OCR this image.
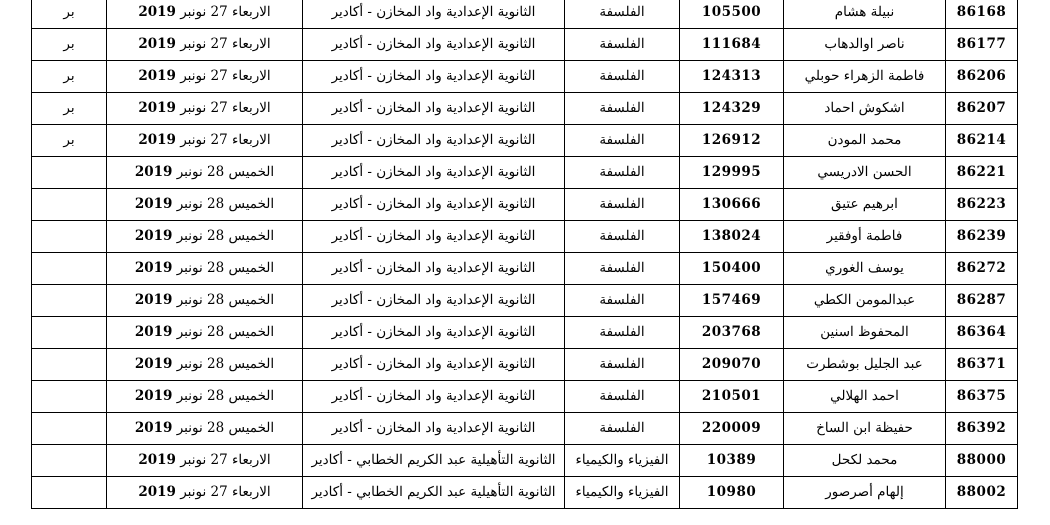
بر	2019 الاربعاء 27 نونبر	الثانوية الإعدادية واد المخازن - أكادير	الفلسفة	105500	نبيلة هشام	86168
بر	2019 الاربعاء 27 نونبر	الثانوية الإعدادية واد المخازن - أكادير	الفلسفة	111684	ناصر اوالدهاب	86177
بر	2019 الاربعاء 27 نونبر	الثانوية الإعدادية واد المخازن - أكادير	الفلسفة	124313	فاطمة الزهراء حوبلي	86206
بر	2019 الاربعاء 27 نونبر	الثانوية الإعدادية واد المخازن - أكادير	الفلسفة	124329	اشكوش احماد	86207
بر	2019 الاربعاء 27 نونبر	الثانوية الإعدادية واد المخازن - أكادير	الفلسفة	126912	محمد المودن	86214
	2019 الخميس 28 نونبر	الثانوية الإعدادية واد المخازن - أكادير	الفلسفة	129995	الحسن الادريسي	86221
	2019 الخميس 28 نونبر	الثانوية الإعدادية واد المخازن - أكادير	الفلسفة	130666	ابرهيم عتيق	86223
	2019 الخميس 28 نونبر	الثانوية الإعدادية واد المخازن - أكادير	الفلسفة	138024	فاطمة أوفقير	86239
	2019 الخميس 28 نونبر	الثانوية الإعدادية واد المخازن - أكادير	الفلسفة	150400	يوسف الغوري	86272
	2019 الخميس 28 نونبر	الثانوية الإعدادية واد المخازن - أكادير	الفلسفة	157469	عبدالمومن الكطي	86287
	2019 الخميس 28 نونبر	الثانوية الإعدادية واد المخازن - أكادير	الفلسفة	203768	المحفوظ اسنين	86364
	2019 الخميس 28 نونبر	الثانوية الإعدادية واد المخازن - أكادير	الفلسفة	209070	عبد الجليل بوشطرت	86371
	2019 الخميس 28 نونبر	الثانوية الإعدادية واد المخازن - أكادير	الفلسفة	210501	احمد الهلالي	86375
	2019 الخميس 28 نونبر	الثانوية الإعدادية واد المخازن - أكادير	الفلسفة	220009	حفيظة ابن الساخ	86392
	2019 الاربعاء 27 نونبر	الثانوية التأهيلية عبد الكريم الخطابي - أكادير	الفيزياء والكيمياء	10389	محمد لكحل	88000
	2019 الاربعاء 27 نونبر	الثانوية التأهيلية عبد الكريم الخطابي - أكادير	الفيزياء والكيمياء	10980	إلهام أصرصور	88002
